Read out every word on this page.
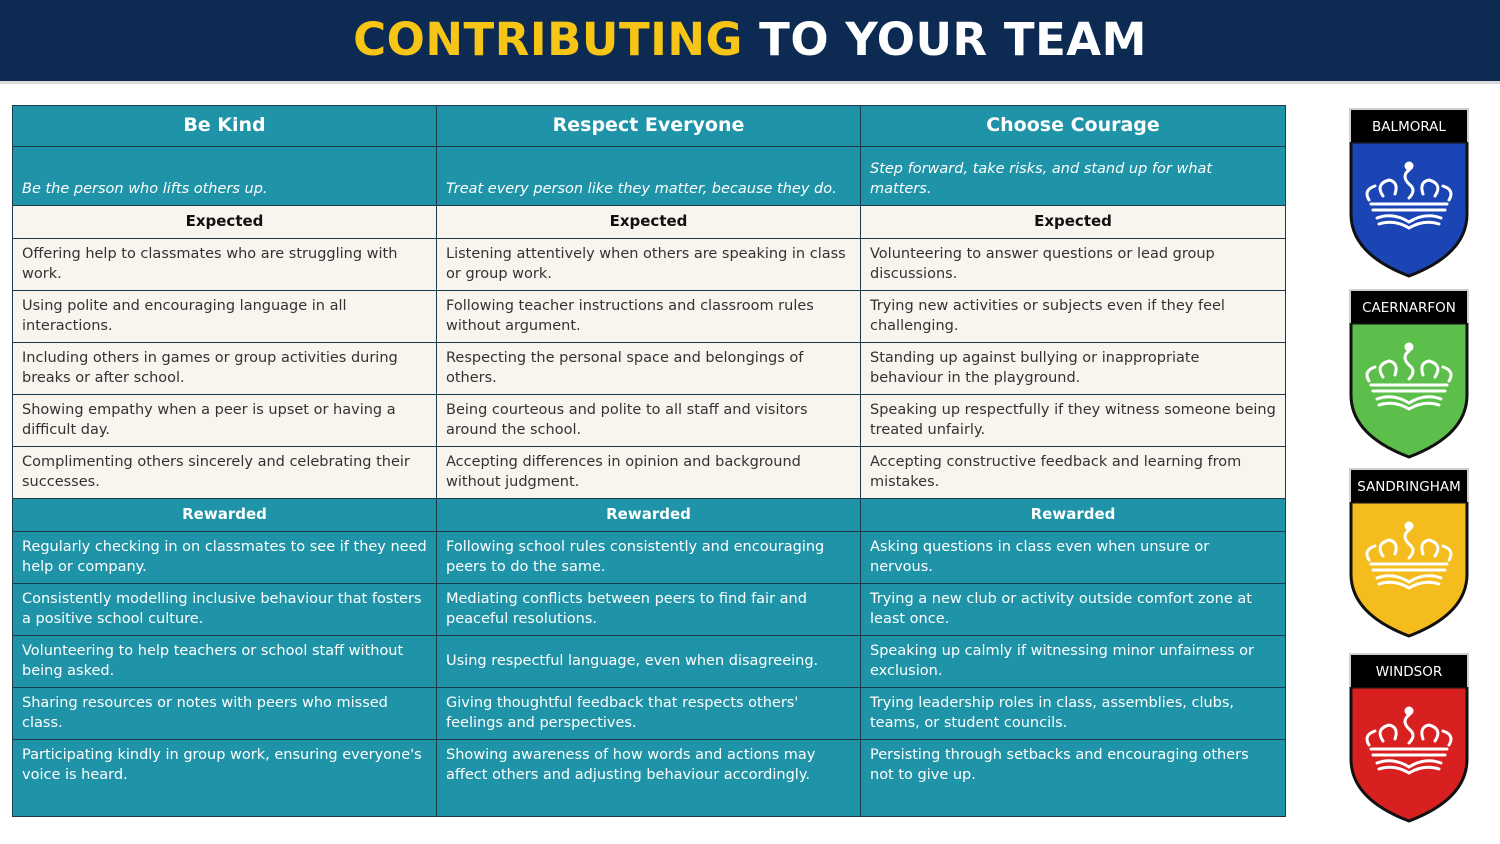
CONTRIBUTING TO YOUR TEAM
Be Kind	Respect Everyone	Choose Courage
Be the person who lifts others up.	Treat every person like they matter, because they do.	Step forward, take risks, and stand up for what matters.
Expected	Expected	Expected
Offering help to classmates who are struggling with work.	Listening attentively when others are speaking in class or group work.	Volunteering to answer questions or lead group discussions.
Using polite and encouraging language in all interactions.	Following teacher instructions and classroom rules without argument.	Trying new activities or subjects even if they feel challenging.
Including others in games or group activities during breaks or after school.	Respecting the personal space and belongings of others.	Standing up against bullying or inappropriate behaviour in the playground.
Showing empathy when a peer is upset or having a difficult day.	Being courteous and polite to all staff and visitors around the school.	Speaking up respectfully if they witness someone being treated unfairly.
Complimenting others sincerely and celebrating their successes.	Accepting differences in opinion and background without judgment.	Accepting constructive feedback and learning from mistakes.
Rewarded	Rewarded	Rewarded
Regularly checking in on classmates to see if they need help or company.	Following school rules consistently and encouraging peers to do the same.	Asking questions in class even when unsure or nervous.
Consistently modelling inclusive behaviour that fosters a positive school culture.	Mediating conflicts between peers to find fair and peaceful resolutions.	Trying a new club or activity outside comfort zone at least once.
Volunteering to help teachers or school staff without being asked.	Using respectful language, even when disagreeing.	Speaking up calmly if witnessing minor unfairness or exclusion.
Sharing resources or notes with peers who missed class.	Giving thoughtful feedback that respects others' feelings and perspectives.	Trying leadership roles in class, assemblies, clubs, teams, or student councils.
Participating kindly in group work, ensuring everyone's voice is heard.	Showing awareness of how words and actions may affect others and adjusting behaviour accordingly.	Persisting through setbacks and encouraging others not to give up.
BALMORAL
CAERNARFON
SANDRINGHAM
WINDSOR
